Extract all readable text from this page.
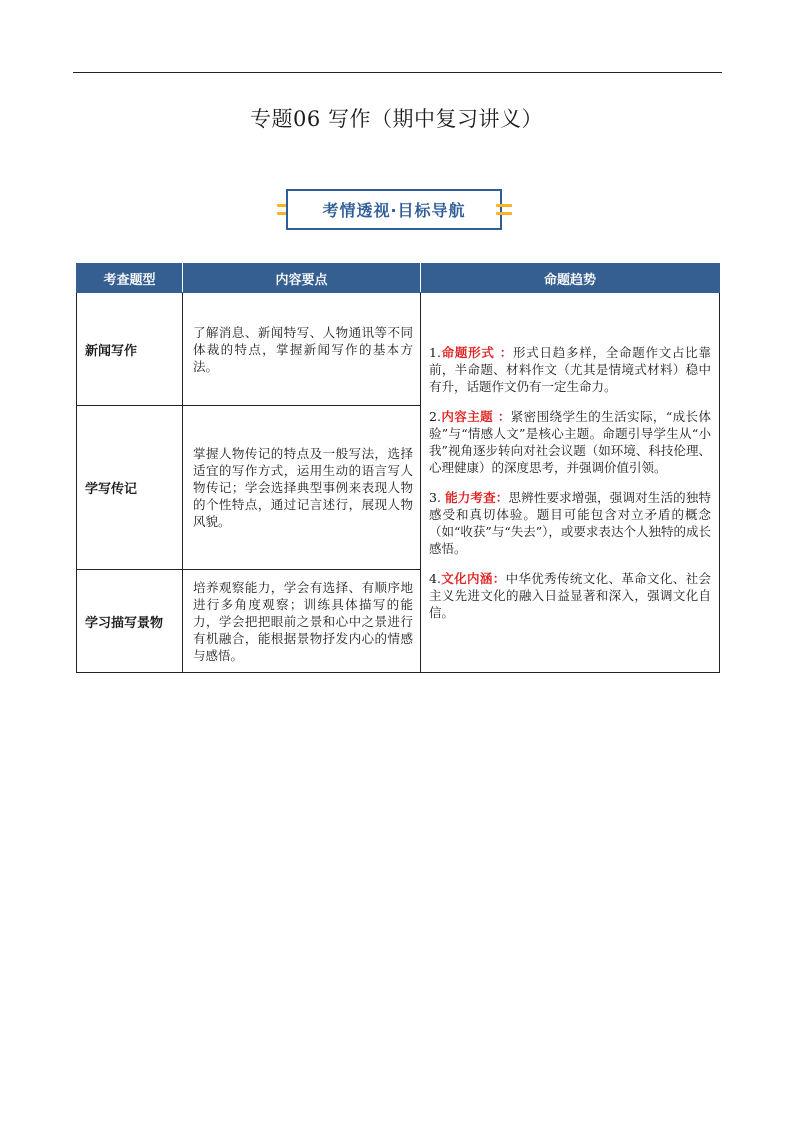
专题06 写作（期中复习讲义）
考情透视·目标导航
考查题型	内容要点	命题趋势
新闻写作	了解消息、新闻特写、人物通讯等不同体裁的特点，掌握新闻写作的基本方法。	1.命题形式 ：形式日趋多样，全命题作文占比靠前，半命题、材料作文（尤其是情境式材料）稳中有升，话题作文仍有一定生命力。
2.内容主题 ：紧密围绕学生的生活实际，“成长体验”与“情感人文”是核心主题。命题引导学生从“小我”视角逐步转向对社会议题（如环境、科技伦理、心理健康）的深度思考，并强调价值引领。
3. 能力考查：思辨性要求增强，强调对生活的独特感受和真切体验。题目可能包含对立矛盾的概念（如“收获”与“失去”），或要求表达个人独特的成长感悟。
4.文化内涵：中华优秀传统文化、革命文化、社会主义先进文化的融入日益显著和深入，强调文化自信。

学写传记	掌握人物传记的特点及一般写法，选择适宜的写作方式，运用生动的语言写人物传记；学会选择典型事例来表现人物的个性特点，通过记言述行，展现人物风貌。	
学习描写景物	培养观察能力，学会有选择、有顺序地进行多角度观察；训练具体描写的能力，学会把把眼前之景和心中之景进行有机融合，能根据景物抒发内心的情感与感悟。	
